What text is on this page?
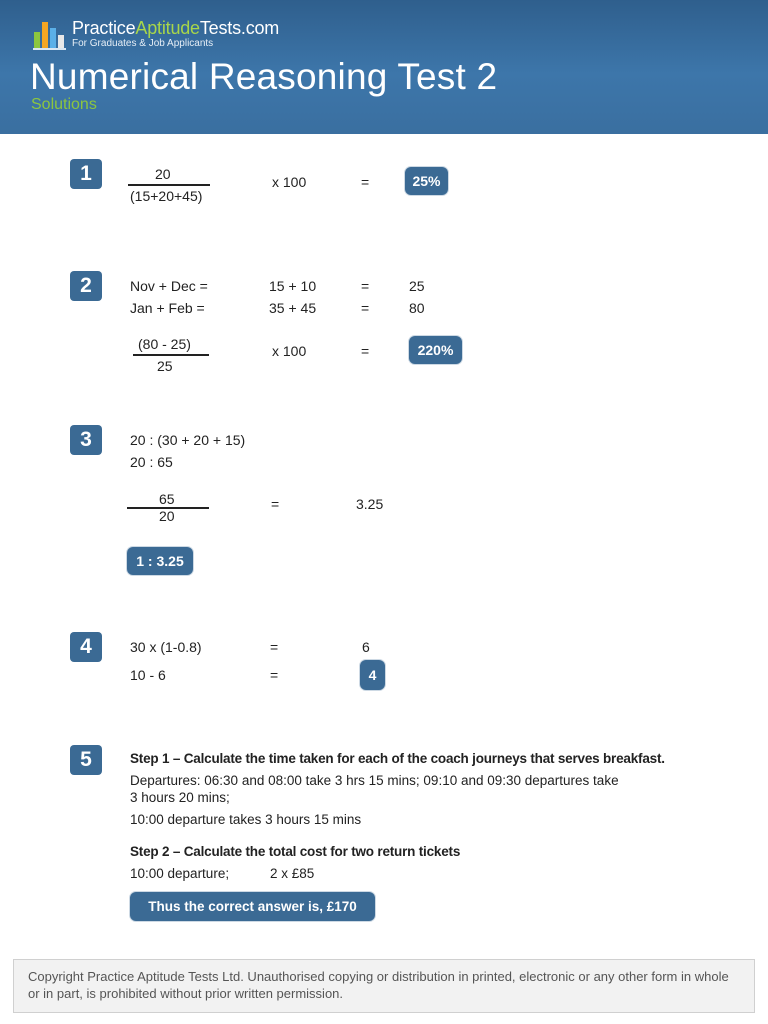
PracticeAptitudeTests.com
For Graduates & Job Applicants
Numerical Reasoning Test 2
Solutions
1	20
(15+20+45)
x 100	=	25%
2	Nov + Dec =	15 + 10	=	25
Jan + Feb =	35 + 45	=	80
(80 - 25)
25
x 100	=	220%
3	20 : (30 + 20 + 15)
20 : 65
65
20
=	3.25
1 : 3.25
4	30 x (1-0.8)	=	6
10 - 6	=	4
5	Step 1 – Calculate the time taken for each of the coach journeys that serves breakfast.
Departures: 06:30 and 08:00 take 3 hrs 15 mins; 09:10 and 09:30 departures take
3 hours 20 mins;
10:00 departure takes 3 hours 15 mins
Step 2 – Calculate the total cost for two return tickets
10:00 departure;	2 x £85
Thus the correct answer is, £170
Copyright Practice Aptitude Tests Ltd. Unauthorised copying or distribution in printed, electronic or any other form in whole or in part, is prohibited without prior written permission.
